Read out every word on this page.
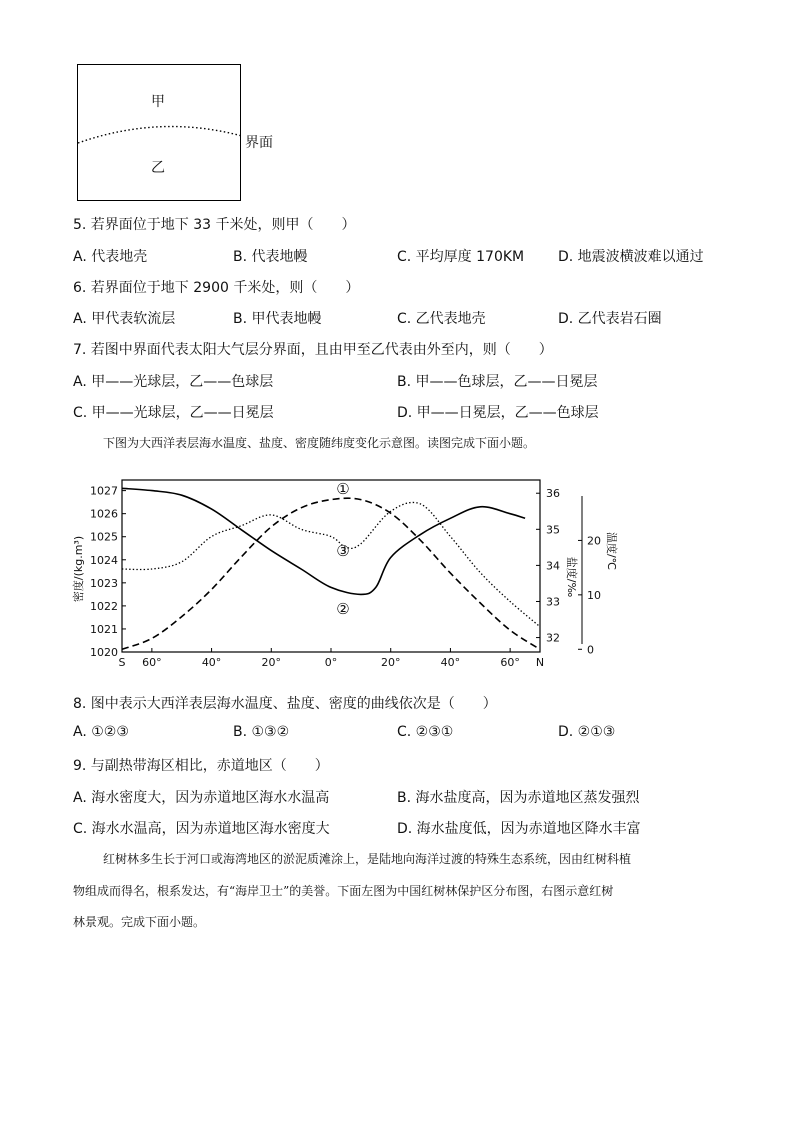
甲
乙
界面
5. 若界面位于地下 33 千米处，则甲（　　）
A. 代表地壳	B. 代表地幔	C. 平均厚度 170KM D. 地震波横波难以通过
6. 若界面位于地下 2900 千米处，则（　　）
A. 甲代表软流层	B. 甲代表地幔	C. 乙代表地壳	D. 乙代表岩石圈
7. 若图中界面代表太阳大气层分界面，且由甲至乙代表由外至内，则（　　）
A. 甲——光球层，乙——色球层	B. 甲——色球层，乙——日冕层
C. 甲——光球层，乙——日冕层	D. 甲——日冕层，乙——色球层
下图为大西洋表层海水温度、盐度、密度随纬度变化示意图。读图完成下面小题。
1020
1021
1022
1023
1024
1025
1026
1027
32
33
34
35
36
0
10
20
S 60°	40°	20°	0°	20°	40°	60° N
密度/(kg.m³)	盐度/‰
温度/℃
①
②
③
8. 图中表示大西洋表层海水温度、盐度、密度的曲线依次是（　　）
A. ①②③	B. ①③②	C. ②③①	D. ②①③
9. 与副热带海区相比，赤道地区（　　）
A. 海水密度大，因为赤道地区海水水温高	B. 海水盐度高，因为赤道地区蒸发强烈
C. 海水水温高，因为赤道地区海水密度大	D. 海水盐度低，因为赤道地区降水丰富
红树林多生长于河口或海湾地区的淤泥质滩涂上，是陆地向海洋过渡的特殊生态系统，因由红树科植
物组成而得名，根系发达，有“海岸卫士”的美誉。下面左图为中国红树林保护区分布图，右图示意红树
林景观。完成下面小题。
